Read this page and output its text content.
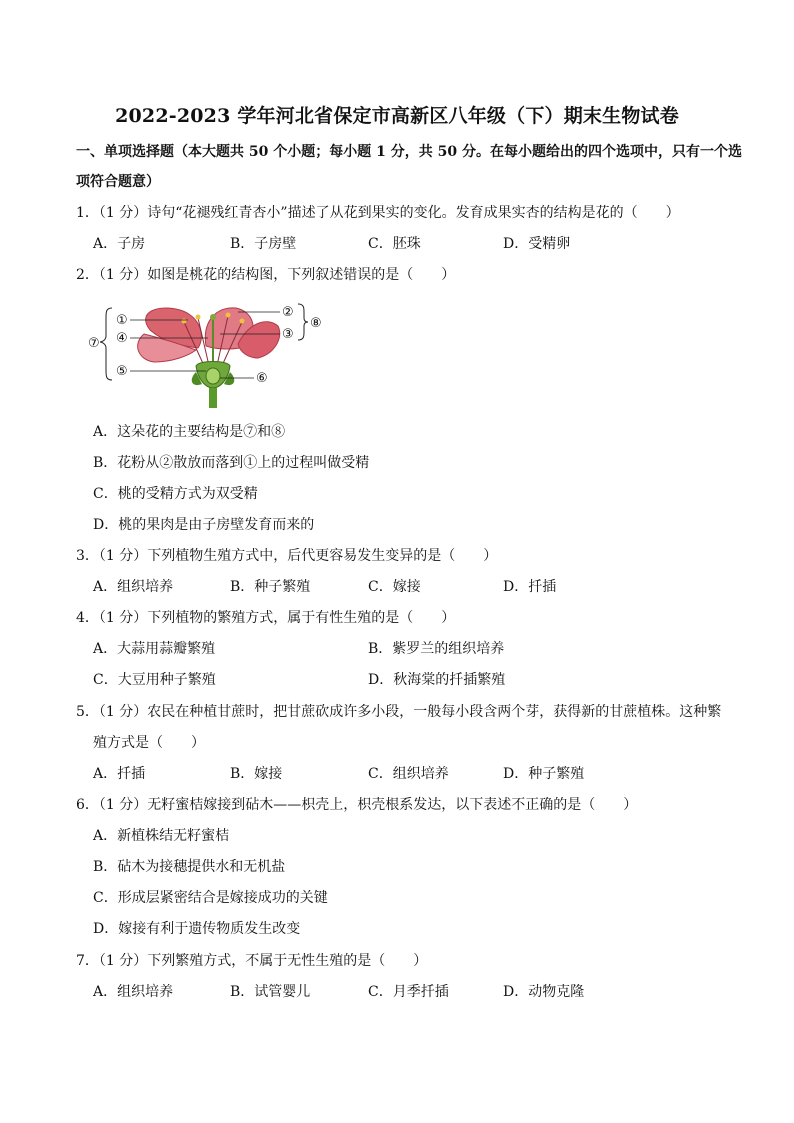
2022-2023 学年河北省保定市高新区八年级（下）期末生物试卷
一、单项选择题（本大题共 50 个小题；每小题 1 分，共 50 分。在每小题给出的四个选项中，只有一个选
项符合题意）
1．（1 分）诗句“花褪残红青杏小”描述了从花到果实的变化。发育成果实杏的结构是花的（　　）
A．子房	B．子房壁	C．胚珠	D．受精卵
2．（1 分）如图是桃花的结构图，下列叙述错误的是（　　）
①
②
③
④
⑤	⑥
⑦
⑧
A．这朵花的主要结构是⑦和⑧
B．花粉从②散放而落到①上的过程叫做受精
C．桃的受精方式为双受精
D．桃的果肉是由子房壁发育而来的
3．（1 分）下列植物生殖方式中，后代更容易发生变异的是（　　）
A．组织培养	B．种子繁殖	C．嫁接	D．扦插
4．（1 分）下列植物的繁殖方式，属于有性生殖的是（　　）
A．大蒜用蒜瓣繁殖	B．紫罗兰的组织培养
C．大豆用种子繁殖	D．秋海棠的扦插繁殖
5．（1 分）农民在种植甘蔗时，把甘蔗砍成许多小段，一般每小段含两个芽，获得新的甘蔗植株。这种繁
殖方式是（　　）
A．扦插	B．嫁接	C．组织培养	D．种子繁殖
6．（1 分）无籽蜜桔嫁接到砧木——枳壳上，枳壳根系发达，以下表述不正确的是（　　）
A．新植株结无籽蜜桔
B．砧木为接穗提供水和无机盐
C．形成层紧密结合是嫁接成功的关键
D．嫁接有利于遗传物质发生改变
7．（1 分）下列繁殖方式，不属于无性生殖的是（　　）
A．组织培养	B．试管婴儿	C．月季扦插	D．动物克隆
